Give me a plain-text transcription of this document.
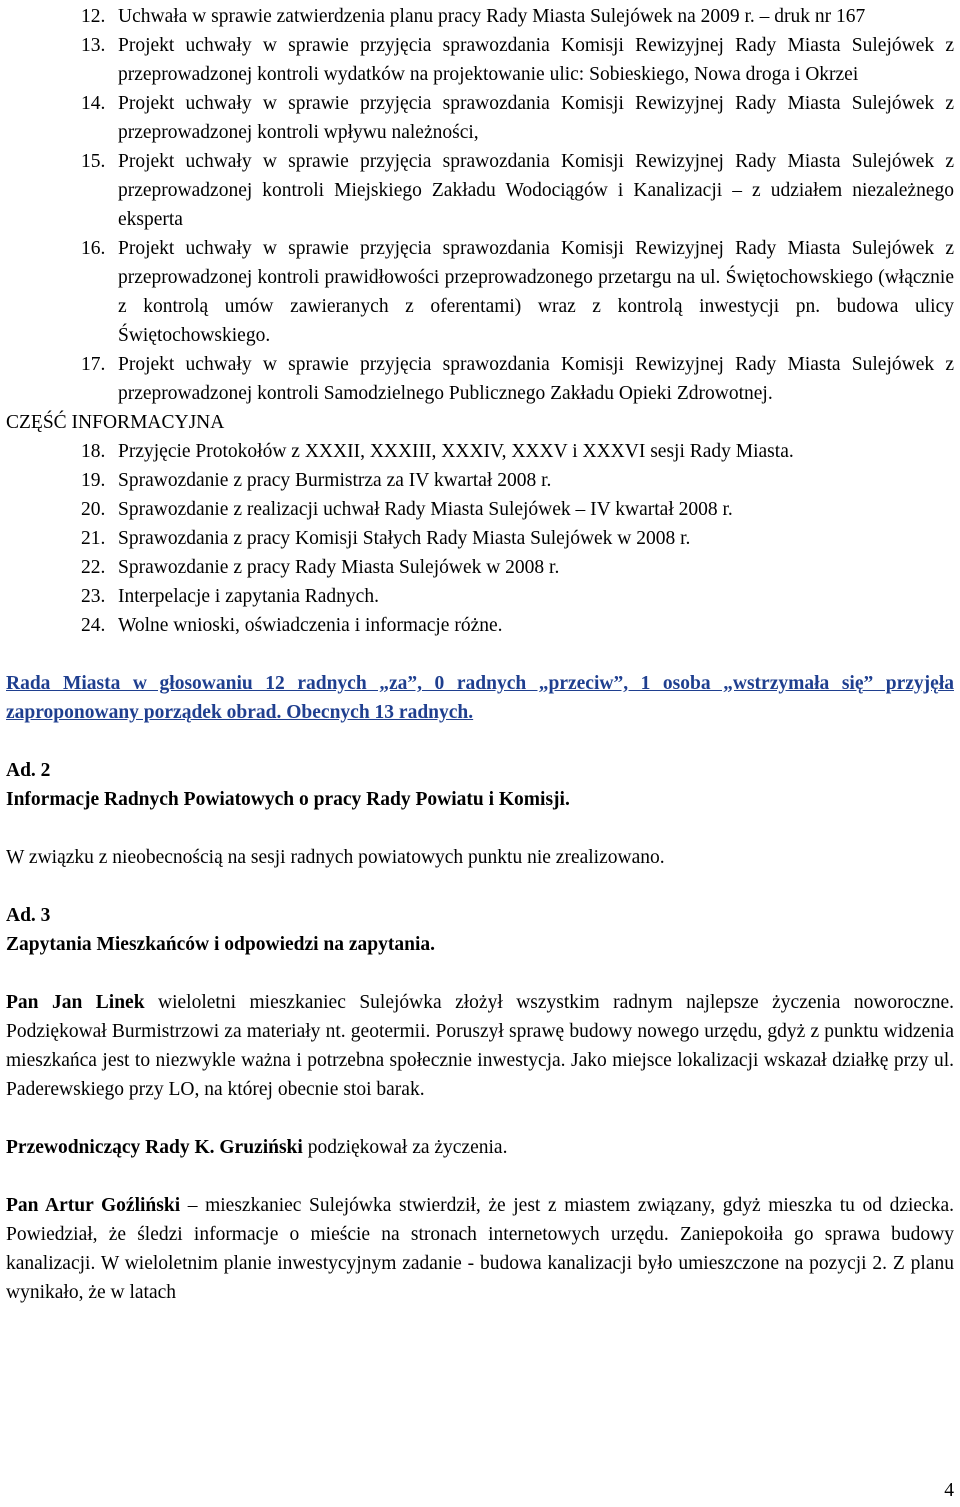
12. Uchwała w sprawie zatwierdzenia planu pracy Rady Miasta Sulejówek na 2009 r. – druk nr 167
13. Projekt uchwały w sprawie przyjęcia sprawozdania Komisji Rewizyjnej Rady Miasta Sulejówek z przeprowadzonej kontroli wydatków na projektowanie ulic: Sobieskiego, Nowa droga i Okrzei
14. Projekt uchwały w sprawie przyjęcia sprawozdania Komisji Rewizyjnej Rady Miasta Sulejówek z przeprowadzonej kontroli wpływu należności,
15. Projekt uchwały w sprawie przyjęcia sprawozdania Komisji Rewizyjnej Rady Miasta Sulejówek z przeprowadzonej kontroli Miejskiego Zakładu Wodociągów i Kanalizacji – z udziałem niezależnego eksperta
16. Projekt uchwały w sprawie przyjęcia sprawozdania Komisji Rewizyjnej Rady Miasta Sulejówek z przeprowadzonej kontroli prawidłowości przeprowadzonego przetargu na ul. Świętochowskiego (włącznie z kontrolą umów zawieranych z oferentami) wraz z kontrolą inwestycji pn. budowa ulicy Świętochowskiego.
17. Projekt uchwały w sprawie przyjęcia sprawozdania Komisji Rewizyjnej Rady Miasta Sulejówek z przeprowadzonej kontroli Samodzielnego Publicznego Zakładu Opieki Zdrowotnej.
CZĘŚĆ INFORMACYJNA
18. Przyjęcie Protokołów z XXXII, XXXIII, XXXIV, XXXV i XXXVI sesji Rady Miasta.
19. Sprawozdanie z pracy Burmistrza za IV kwartał 2008 r.
20. Sprawozdanie z realizacji uchwał Rady Miasta Sulejówek – IV kwartał 2008 r.
21. Sprawozdania z pracy Komisji Stałych Rady Miasta Sulejówek w 2008 r.
22. Sprawozdanie z pracy Rady Miasta Sulejówek w 2008 r.
23. Interpelacje i zapytania Radnych.
24. Wolne wnioski, oświadczenia i informacje różne.

Rada Miasta w głosowaniu 12 radnych „za”, 0 radnych „przeciw”, 1 osoba „wstrzymała się” przyjęła zaproponowany porządek obrad. Obecnych 13 radnych.

Ad. 2

Informacje Radnych Powiatowych o pracy Rady Powiatu i Komisji.

W związku z nieobecnością na sesji radnych powiatowych punktu nie zrealizowano.

Ad. 3

Zapytania Mieszkańców i odpowiedzi na zapytania.

Pan Jan Linek wieloletni mieszkaniec Sulejówka złożył wszystkim radnym najlepsze życzenia noworoczne. Podziękował Burmistrzowi za materiały nt. geotermii. Poruszył sprawę budowy nowego urzędu, gdyż z punktu widzenia mieszkańca jest to niezwykle ważna i potrzebna społecznie inwestycja. Jako miejsce lokalizacji wskazał działkę przy ul. Paderewskiego przy LO, na której obecnie stoi barak.

Przewodniczący Rady K. Gruziński podziękował za życzenia.

Pan Artur Goźliński – mieszkaniec Sulejówka stwierdził, że jest z miastem związany, gdyż mieszka tu od dziecka. Powiedział, że śledzi informacje o mieście na stronach internetowych urzędu. Zaniepokoiła go sprawa budowy kanalizacji. W wieloletnim planie inwestycyjnym zadanie - budowa kanalizacji było umieszczone na pozycji 2. Z planu wynikało, że w latach

4
